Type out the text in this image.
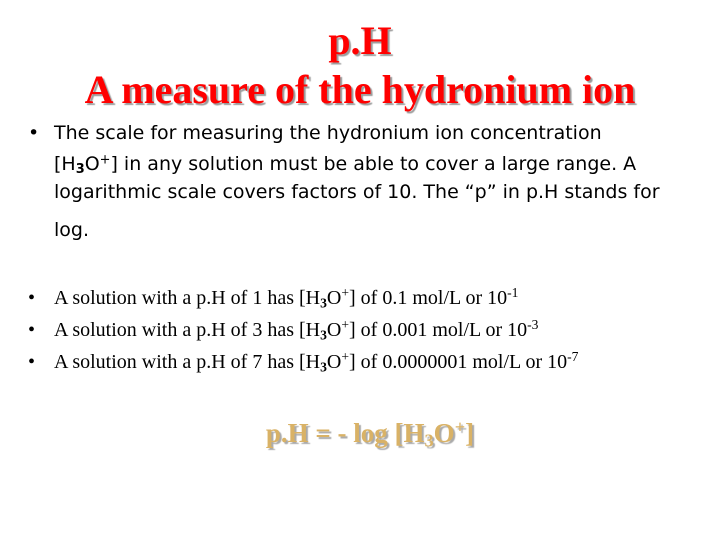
p.H
A measure of the hydronium ion
• The scale for measuring the hydronium ion concentration
$[H_3O^+]$ in any solution must be able to cover a large range. A
logarithmic scale covers factors of 10. The “p” in p.H stands for
log.
• A solution with a p.H of 1 has $[H_3O^+]$ of 0.1 mol/L or $10^{-1}$
• A solution with a p.H of 3 has $[H_3O^+]$ of 0.001 mol/L or $10^{-3}$
• A solution with a p.H of 7 has $[H_3O^+]$ of 0.0000001 mol/L or $10^{-7}$
p.H = - $\log [H_3O^+]$
